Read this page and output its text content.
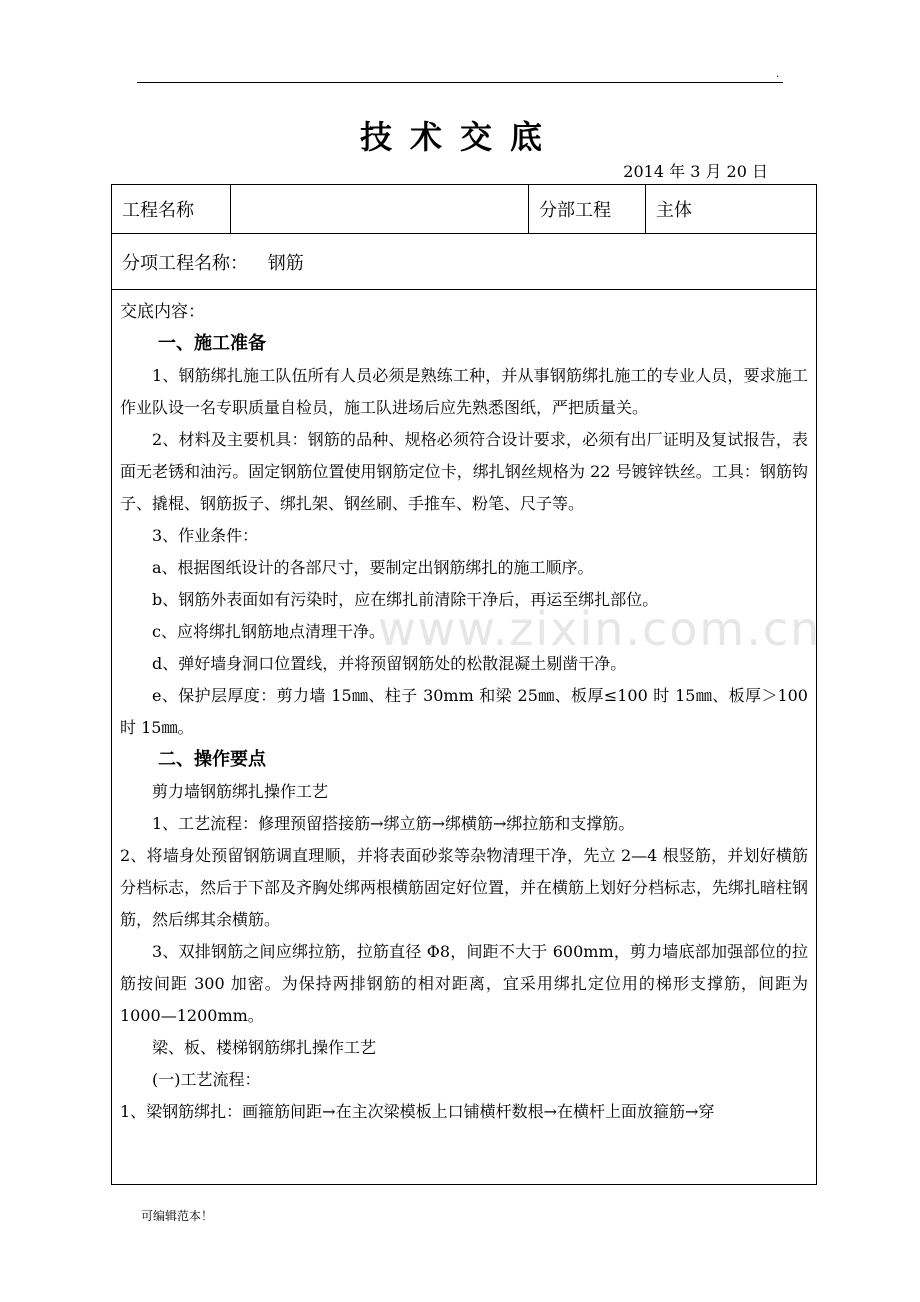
.
技术交底
2014 年 3 月 20 日
工程名称		分部工程	主体
分项工程名称： 钢筋

交底内容：

一、施工准备

1、钢筋绑扎施工队伍所有人员必须是熟练工种，并从事钢筋绑扎施工的专业人员，要求施工作业队设一名专职质量自检员，施工队进场后应先熟悉图纸，严把质量关。

2、材料及主要机具：钢筋的品种、规格必须符合设计要求，必须有出厂证明及复试报告，表面无老锈和油污。固定钢筋位置使用钢筋定位卡，绑扎钢丝规格为 22 号镀锌铁丝。工具：钢筋钩子、撬棍、钢筋扳子、绑扎架、钢丝刷、手推车、粉笔、尺子等。

3、作业条件：

a、根据图纸设计的各部尺寸，要制定出钢筋绑扎的施工顺序。

b、钢筋外表面如有污染时，应在绑扎前清除干净后，再运至绑扎部位。

c、应将绑扎钢筋地点清理干净。

d、弹好墙身洞口位置线，并将预留钢筋处的松散混凝土剔凿干净。

e、保护层厚度：剪力墙 15㎜、柱子 30mm 和梁 25㎜、板厚≤100 时 15㎜、板厚＞100 时 15㎜。

二、操作要点

剪力墙钢筋绑扎操作工艺

1、工艺流程：修理预留搭接筋→绑立筋→绑横筋→绑拉筋和支撑筋。

2、将墙身处预留钢筋调直理顺，并将表面砂浆等杂物清理干净，先立 2—4 根竖筋，并划好横筋分档标志，然后于下部及齐胸处绑两根横筋固定好位置，并在横筋上划好分档标志，先绑扎暗柱钢筋，然后绑其余横筋。

3、双排钢筋之间应绑拉筋，拉筋直径 Φ8，间距不大于 600mm，剪力墙底部加强部位的拉筋按间距 300 加密。为保持两排钢筋的相对距离，宜采用绑扎定位用的梯形支撑筋，间距为 1000—1200mm。

梁、板、楼梯钢筋绑扎操作工艺

(一)工艺流程：

1、梁钢筋绑扎：画箍筋间距→在主次梁模板上口铺横杆数根→在横杆上面放箍筋→穿

www.zixin.com.cn
可编辑范本！
